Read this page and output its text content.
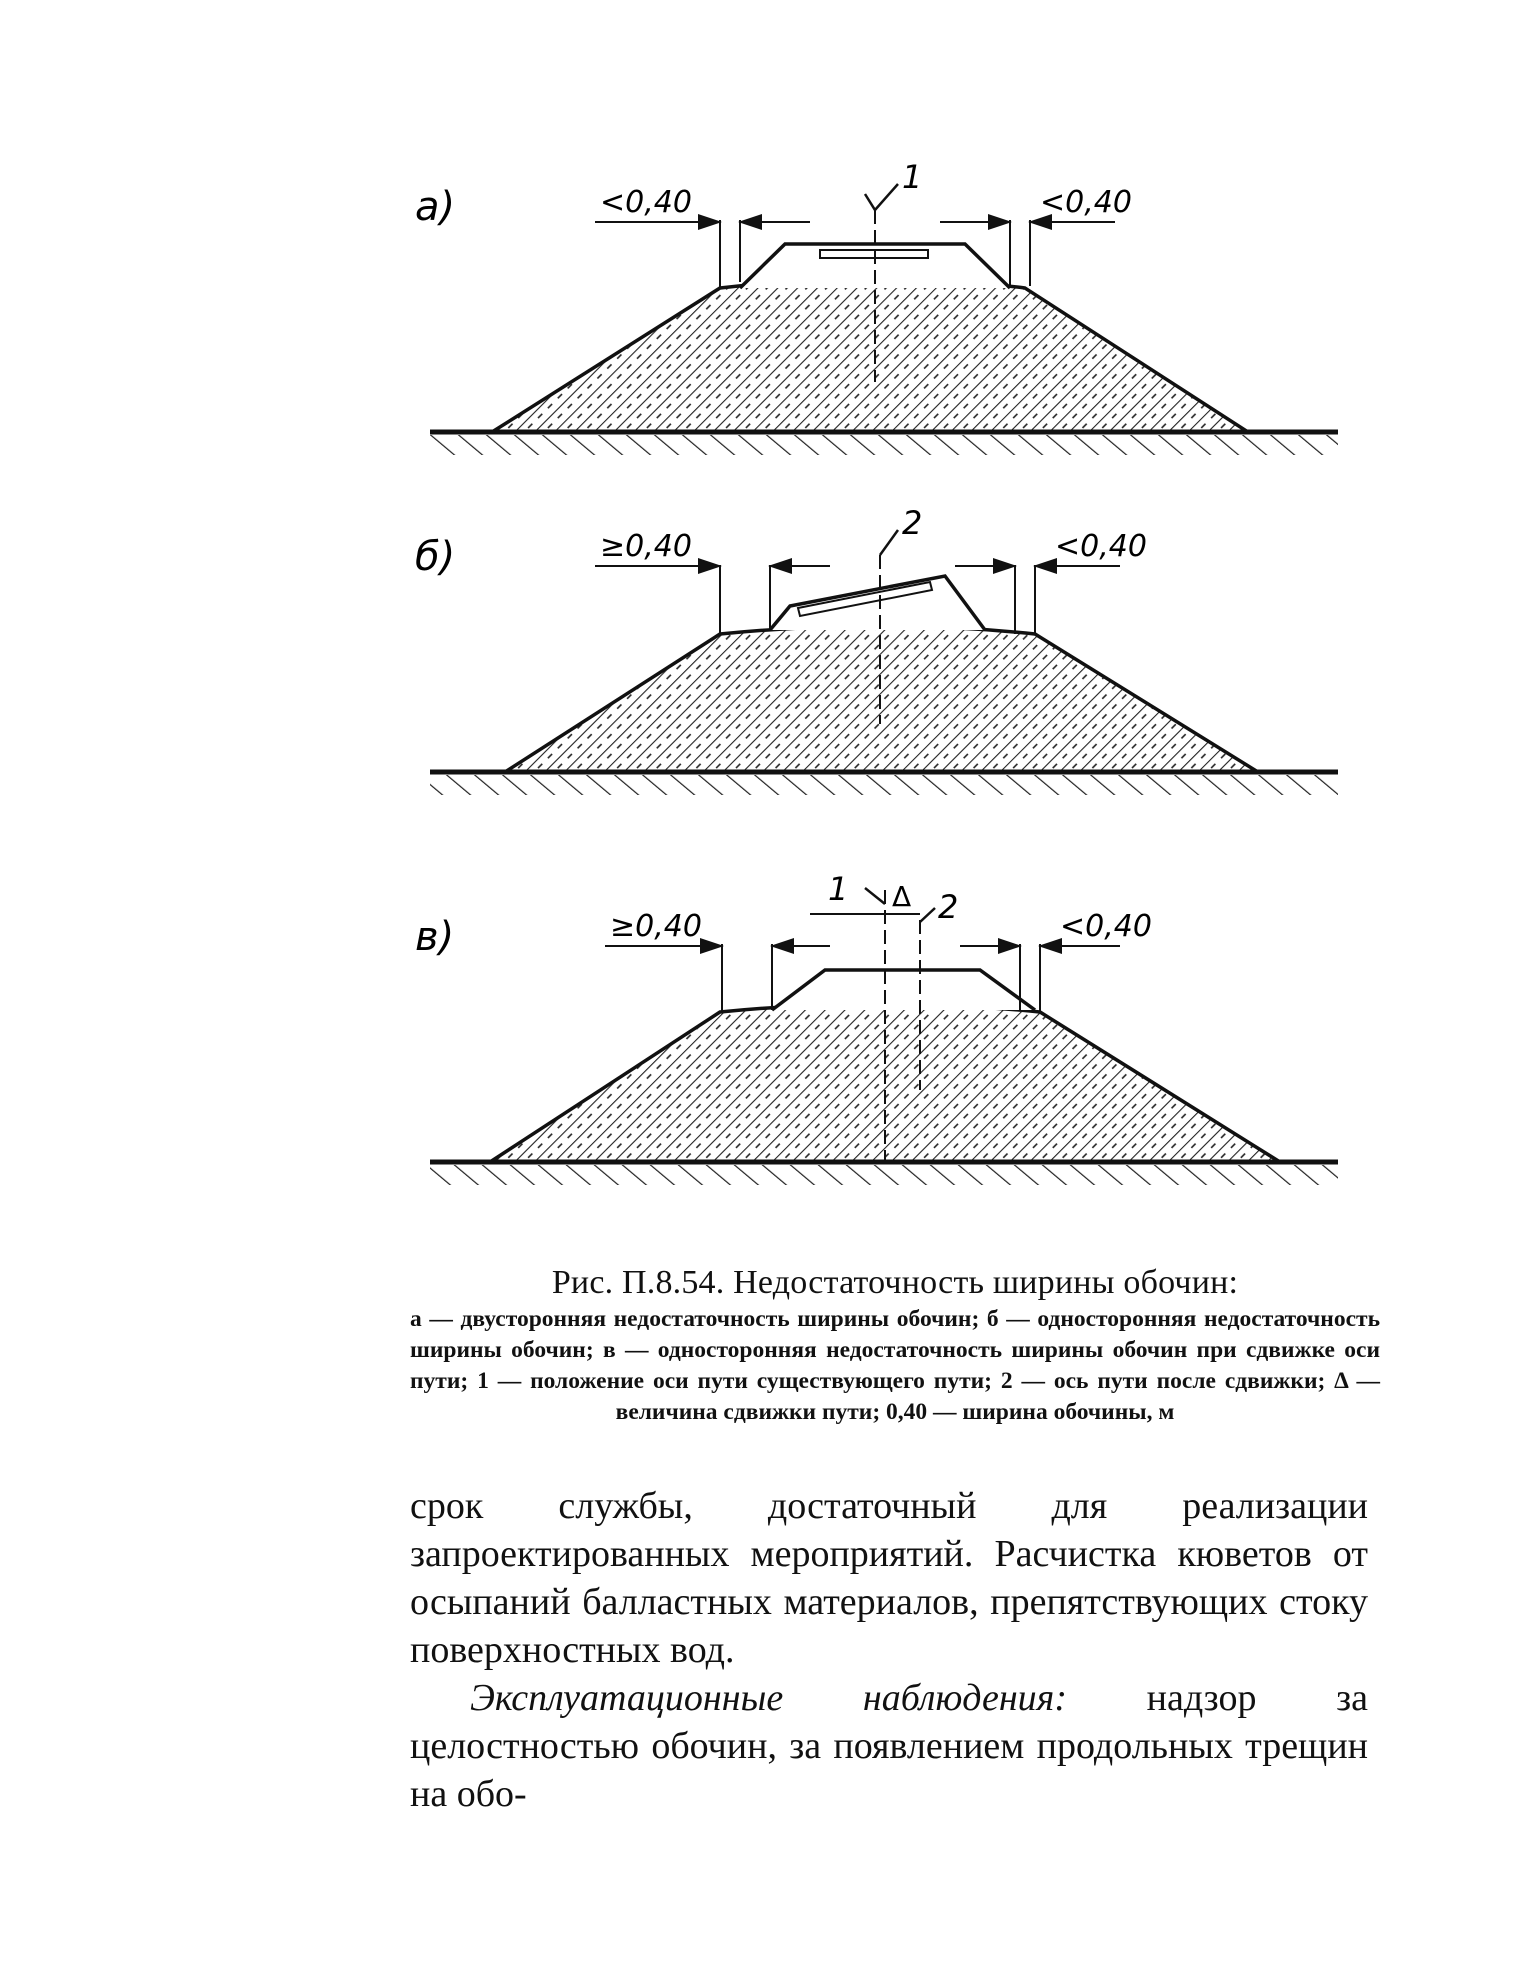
а)
1
<0,40	<0,40
б)
2
≥0,40	<0,40
в)
1	2
Δ
≥0,40	<0,40
Рис. П.8.54. Недостаточность ширины обочин:
а — двусторонняя недостаточность ширины обочин; б — односторонняя недостаточность ширины обочин; в — односторонняя недостаточность ширины обочин при сдвижке оси пути; 1 — положение оси пути существующего пути; 2 — ось пути после сдвижки; Δ — величина сдвижки пути; 0,40 — ширина обочины, м

срок службы, достаточный для реализации запроектированных мероприятий. Расчистка кюветов от осыпаний балластных материалов, препятствующих стоку поверхностных вод.

Эксплуатационные наблюдения: надзор за целостностью обочин, за появлением продольных трещин на обо-
